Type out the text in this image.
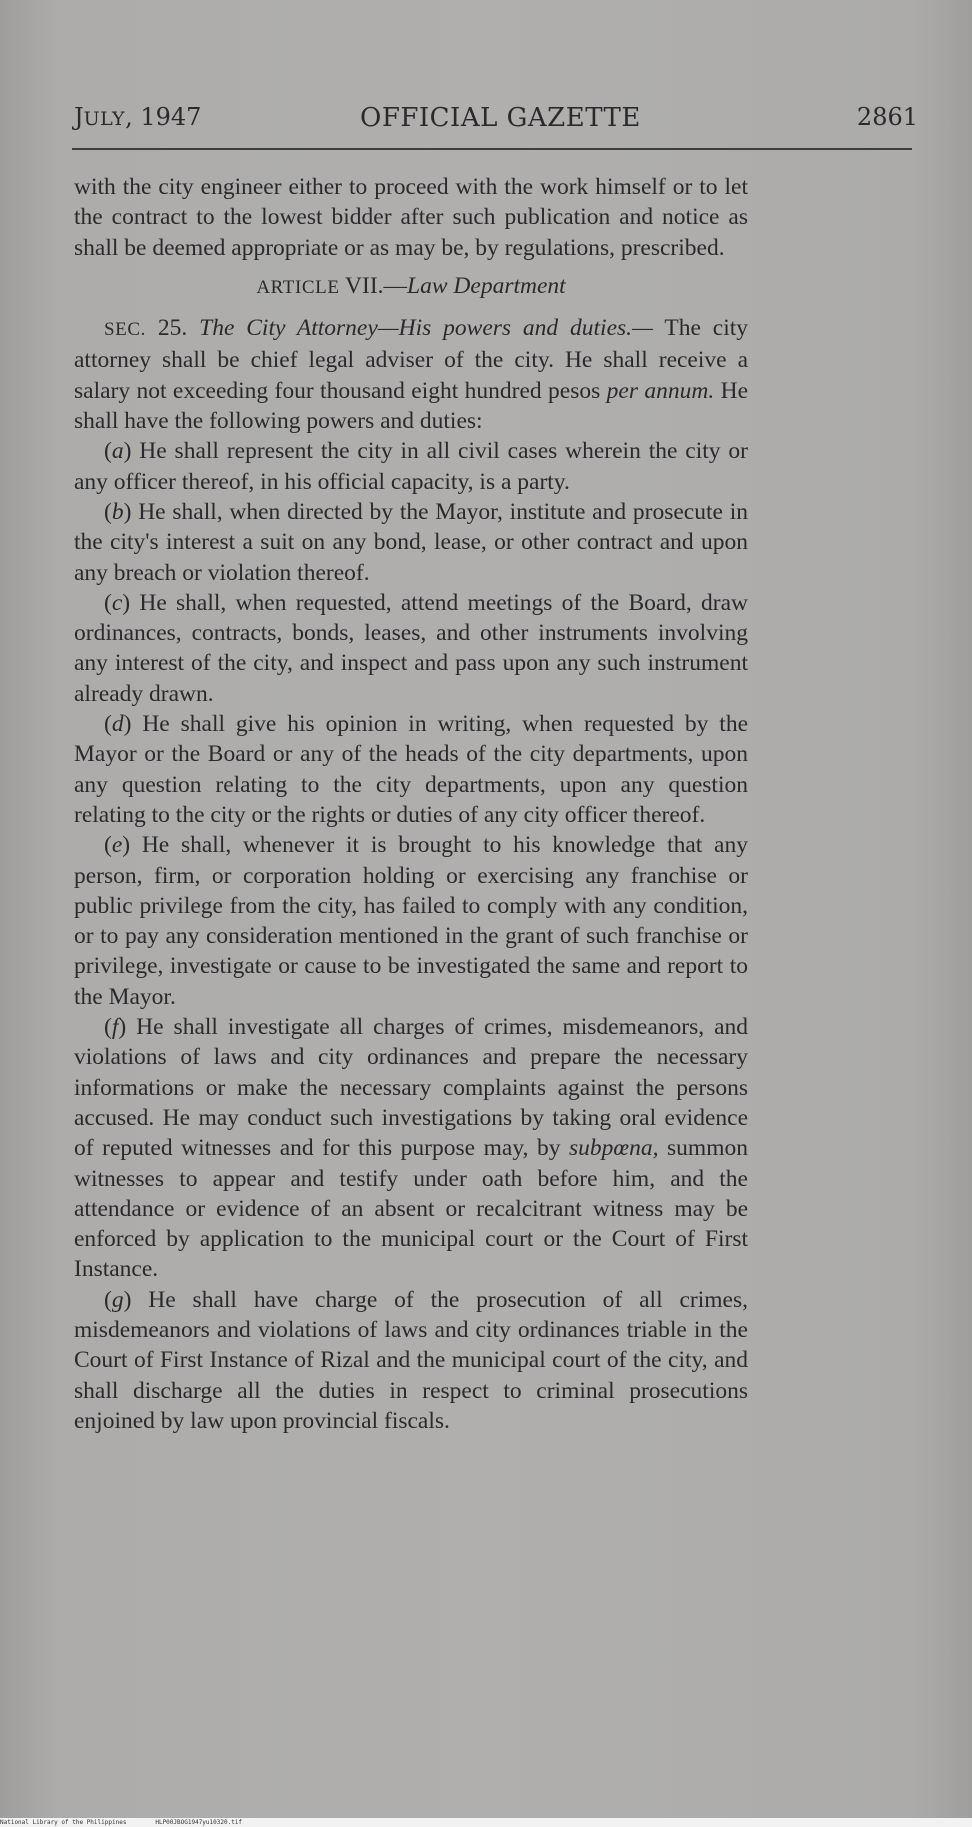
JULY, 1947	OFFICIAL GAZETTE	2861

with the city engineer either to proceed with the work himself or to let the contract to the lowest bidder after such publication and notice as shall be deemed appropriate or as may be, by regulations, prescribed.

ARTICLE VII.—Law Department

SEC. 25. The City Attorney—His powers and duties.— The city attorney shall be chief legal adviser of the city. He shall receive a salary not exceeding four thousand eight hundred pesos per annum. He shall have the following powers and duties:

(a) He shall represent the city in all civil cases wherein the city or any officer thereof, in his official capacity, is a party.

(b) He shall, when directed by the Mayor, institute and prosecute in the city's interest a suit on any bond, lease, or other contract and upon any breach or violation thereof.

(c) He shall, when requested, attend meetings of the Board, draw ordinances, contracts, bonds, leases, and other instruments involving any interest of the city, and inspect and pass upon any such instrument already drawn.

(d) He shall give his opinion in writing, when requested by the Mayor or the Board or any of the heads of the city departments, upon any question relating to the city departments, upon any question relating to the city or the rights or duties of any city officer thereof.

(e) He shall, whenever it is brought to his knowledge that any person, firm, or corporation holding or exercising any franchise or public privilege from the city, has failed to comply with any condition, or to pay any consideration mentioned in the grant of such franchise or privilege, investigate or cause to be investigated the same and report to the Mayor.

(f) He shall investigate all charges of crimes, misdemeanors, and violations of laws and city ordinances and prepare the necessary informations or make the necessary complaints against the persons accused. He may conduct such investigations by taking oral evidence of reputed witnesses and for this purpose may, by subpœna, summon witnesses to appear and testify under oath before him, and the attendance or evidence of an absent or recalcitrant witness may be enforced by application to the municipal court or the Court of First Instance.

(g) He shall have charge of the prosecution of all crimes, misdemeanors and violations of laws and city ordinances triable in the Court of First Instance of Rizal and the municipal court of the city, and shall discharge all the duties in respect to criminal prosecutions enjoined by law upon provincial fiscals.

National Library of the Philippines	HLP00JBOG1947yu10320.tif
